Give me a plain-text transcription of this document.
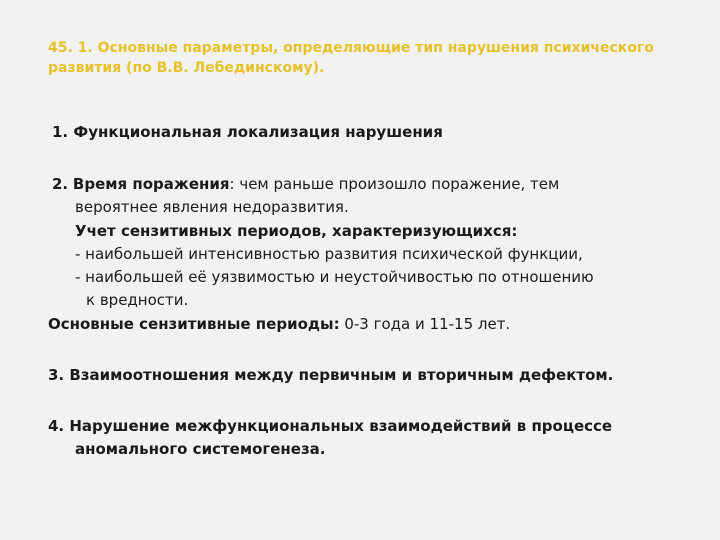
45. 1. Основные параметры, определяющие тип нарушения психического
развития (по В.В. Лебединскому).
1. Функциональная локализация нарушения
2. Время поражения: чем раньше произошло поражение, тем
вероятнее явления недоразвития.
Учет сензитивных периодов, характеризующихся:
- наибольшей интенсивностью развития психической функции,
- наибольшей её уязвимостью и неустойчивостью по отношению
к вредности.
Основные сензитивные периоды: 0-3 года и 11-15 лет.
3. Взаимоотношения между первичным и вторичным дефектом.
4. Нарушение межфункциональных взаимодействий в процессе
аномального системогенеза.
